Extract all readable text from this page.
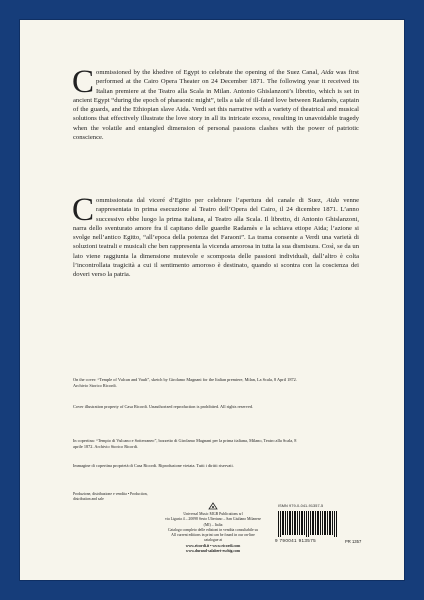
Commissioned by the khedive of Egypt to celebrate the opening of the Suez Canal, Aida was first performed at the Cairo Opera Theater on 24 December 1871. The following year it received its Italian premiere at the Teatro alla Scala in Milan. Antonio Ghislanzoni’s libretto, which is set in ancient Egypt “during the epoch of pharaonic might”, tells a tale of ill-fated love between Radamès, captain of the guards, and the Ethiopian slave Aida. Verdi set this narrative with a variety of theatrical and musical solutions that effectively illustrate the love story in all its intricate excess, resulting in unavoidable tragedy when the volatile and entangled dimension of personal passions clashes with the power of patriotic conscience.

Commissionata dal viceré d’Egitto per celebrare l’apertura del canale di Suez, Aida venne rappresentata in prima esecuzione al Teatro dell’Opera del Cairo, il 24 dicembre 1871. L’anno successivo ebbe luogo la prima italiana, al Teatro alla Scala. Il libretto, di Antonio Ghislanzoni, narra dello sventurato amore fra il capitano delle guardie Radamès e la schiava etiope Aida; l’azione si svolge nell’antico Egitto, “all’epoca della potenza dei Faraoni”. La trama consente a Verdi una varietà di soluzioni teatrali e musicali che ben rappresenta la vicenda amorosa in tutta la sua dismisura. Così, se da un lato viene raggiunta la dimensione mutevole e scomposta delle passioni individuali, dall’altro è colta l’incontrollata tragicità a cui il sentimento amoroso è destinato, quando si scontra con la coscienza dei doveri verso la patria.

On the cover: “Temple of Vulcan and Vault”, sketch by Girolamo Magnani for the Italian premiere, Milan, La Scala, 8 April 1872. Archivio Storico Ricordi.

Cover illustration property of Casa Ricordi. Unauthorized reproduction is prohibited. All rights reserved.

In copertina: “Tempio di Vulcano e Sotterraneo”, bozzetto di Girolamo Magnani per la prima italiana, Milano, Teatro alla Scala, 8 aprile 1872. Archivio Storico Ricordi.

Immagine di copertina proprietà di Casa Ricordi. Riproduzione vietata. Tutti i diritti riservati.

Produzione, distribuzione e vendita • Production, distribution and sale

Universal Music MGB Publications srl
via Liguria 4 – 20098 Sesto Ulteriano – San Giuliano Milanese (MI) – Italia
Catalogo completo delle edizioni in vendita consultabile su
All current editions in print can be found in our on-line catalogue at
www.ricordi.it • www.ricordi.com
www.durand-salabert-eschig.com
ISMN 979-0-041-91357-5
9 790041 913575	PR 1357
